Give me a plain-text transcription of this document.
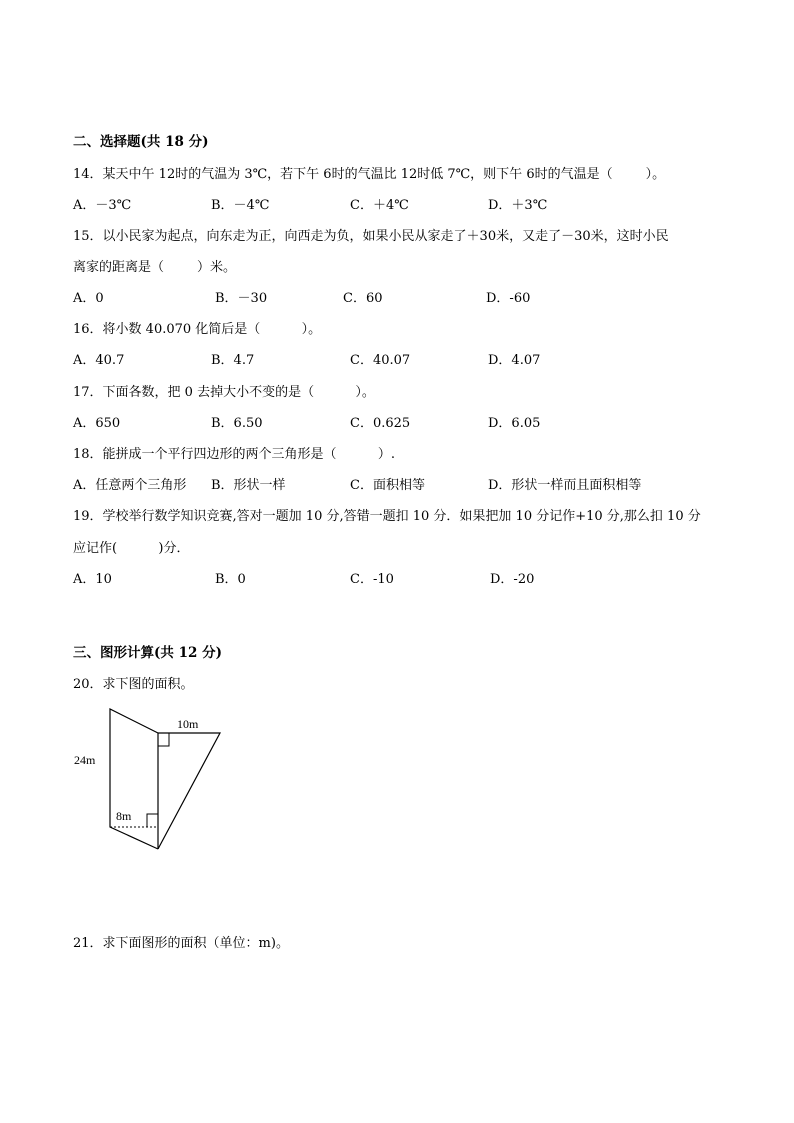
二、选择题(共 18 分)
14．某天中午 12时的气温为 3℃，若下午 6时的气温比 12时低 7℃，则下午 6时的气温是（        ）。
A．－3℃	B．－4℃	C．＋4℃	D．＋3℃
15．以小民家为起点，向东走为正，向西走为负，如果小民从家走了＋30米，又走了－30米，这时小民
离家的距离是（        ）米。
A．0	B．－30	C．60	D．-60
16．将小数 40.070 化简后是（          ）。
A．40.7	B．4.7	C．40.07	D．4.07
17．下面各数，把 0 去掉大小不变的是（          ）。
A．650	B．6.50	C．0.625	D．6.05
18．能拼成一个平行四边形的两个三角形是（          ）.
A．任意两个三角形 B．形状一样	C．面积相等	D．形状一样而且面积相等
19．学校举行数学知识竞赛,答对一题加 10 分,答错一题扣 10 分．如果把加 10 分记作+10 分,那么扣 10 分
应记作(          )分．
A．10	B．0	C．-10	D．-20
三、图形计算(共 12 分)
20．求下图的面积。
10m
24m
8m
21．求下面图形的面积（单位：m)。
